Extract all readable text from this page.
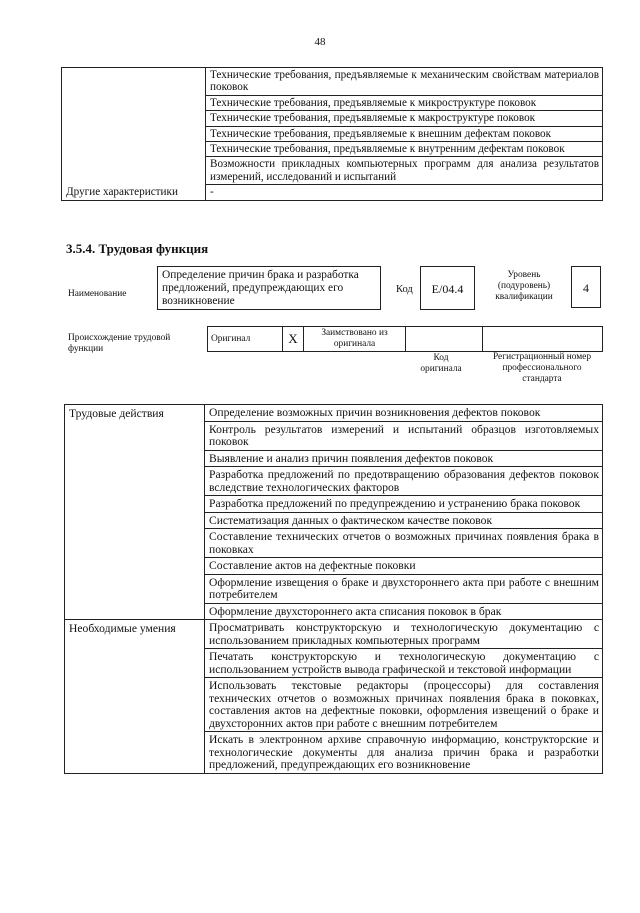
48
	Технические требования, предъявляемые к механическим свойствам материалов поковок
	Технические требования, предъявляемые к микроструктуре поковок
	Технические требования, предъявляемые к макроструктуре поковок
	Технические требования, предъявляемые к внешним дефектам поковок
	Технические требования, предъявляемые к внутренним дефектам поковок
	Возможности прикладных компьютерных программ для анализа результатов измерений, исследований и испытаний
Другие характеристики	-
3.5.4. Трудовая функция
Наименование
Определение причин брака и разработка предложений, предупреждающих его возникновение
Код	E/04.4
Уровень (подуровень) квалификации
4
Происхождение трудовой функции
Оригинал	X	Заимствовано из оригинала		
Код оригинала
Регистрационный номер профессионального стандарта
Трудовые действия	Определение возможных причин возникновения дефектов поковок
	Контроль результатов измерений и испытаний образцов изготовляемых поковок
	Выявление и анализ причин появления дефектов поковок
	Разработка предложений по предотвращению образования дефектов поковок вследствие технологических факторов
	Разработка предложений по предупреждению и устранению брака поковок
	Систематизация данных о фактическом качестве поковок
	Составление технических отчетов о возможных причинах появления брака в поковках
	Составление актов на дефектные поковки
	Оформление извещения о браке и двухстороннего акта при работе с внешним потребителем
	Оформление двухстороннего акта списания поковок в брак
Необходимые умения	Просматривать конструкторскую и технологическую документацию с использованием прикладных компьютерных программ
	Печатать конструкторскую и технологическую документацию с использованием устройств вывода графической и текстовой информации
	Использовать текстовые редакторы (процессоры) для составления технических отчетов о возможных причинах появления брака в поковках, составления актов на дефектные поковки, оформления извещений о браке и двухсторонних актов при работе с внешним потребителем
	Искать в электронном архиве справочную информацию, конструкторские и технологические документы для анализа причин брака и разработки предложений, предупреждающих его возникновение
